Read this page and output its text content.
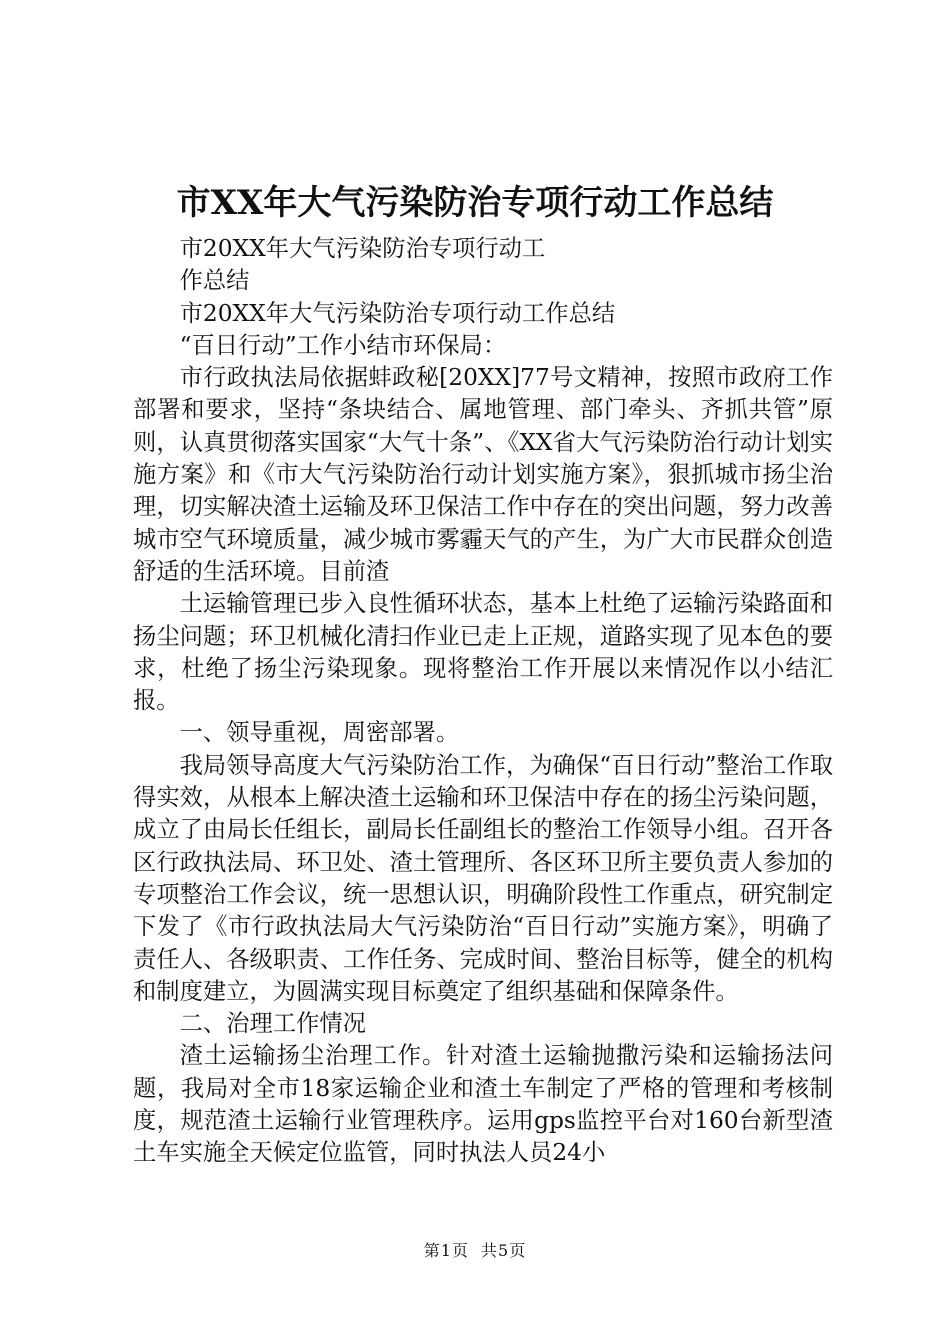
市XX年大气污染防治专项行动工作总结

市20XX年大气污染防治专项行动工

作总结

市20XX年大气污染防治专项行动工作总结

“百日行动”工作小结市环保局：

市行政执法局依据蚌政秘[20XX]77号文精神，按照市政府工作部署和要求，坚持“条块结合、属地管理、部门牵头、齐抓共管”原则，认真贯彻落实国家“大气十条”、《XX省大气污染防治行动计划实施方案》和《市大气污染防治行动计划实施方案》，狠抓城市扬尘治理，切实解决渣土运输及环卫保洁工作中存在的突出问题，努力改善城市空气环境质量，减少城市雾霾天气的产生，为广大市民群众创造舒适的生活环境。目前渣

土运输管理已步入良性循环状态，基本上杜绝了运输污染路面和扬尘问题；环卫机械化清扫作业已走上正规，道路实现了见本色的要求，杜绝了扬尘污染现象。现将整治工作开展以来情况作以小结汇报。

一、领导重视，周密部署。

我局领导高度大气污染防治工作，为确保“百日行动”整治工作取得实效，从根本上解决渣土运输和环卫保洁中存在的扬尘污染问题，成立了由局长任组长，副局长任副组长的整治工作领导小组。召开各区行政执法局、环卫处、渣土管理所、各区环卫所主要负责人参加的专项整治工作会议，统一思想认识，明确阶段性工作重点，研究制定下发了《市行政执法局大气污染防治“百日行动”实施方案》，明确了责任人、各级职责、工作任务、完成时间、整治目标等，健全的机构和制度建立，为圆满实现目标奠定了组织基础和保障条件。

二、治理工作情况

渣土运输扬尘治理工作。针对渣土运输抛撒污染和运输扬法问题，我局对全市18家运输企业和渣土车制定了严格的管理和考核制度，规范渣土运输行业管理秩序。运用gps监控平台对160台新型渣土车实施全天候定位监管，同时执法人员24小

第1页 共5页
